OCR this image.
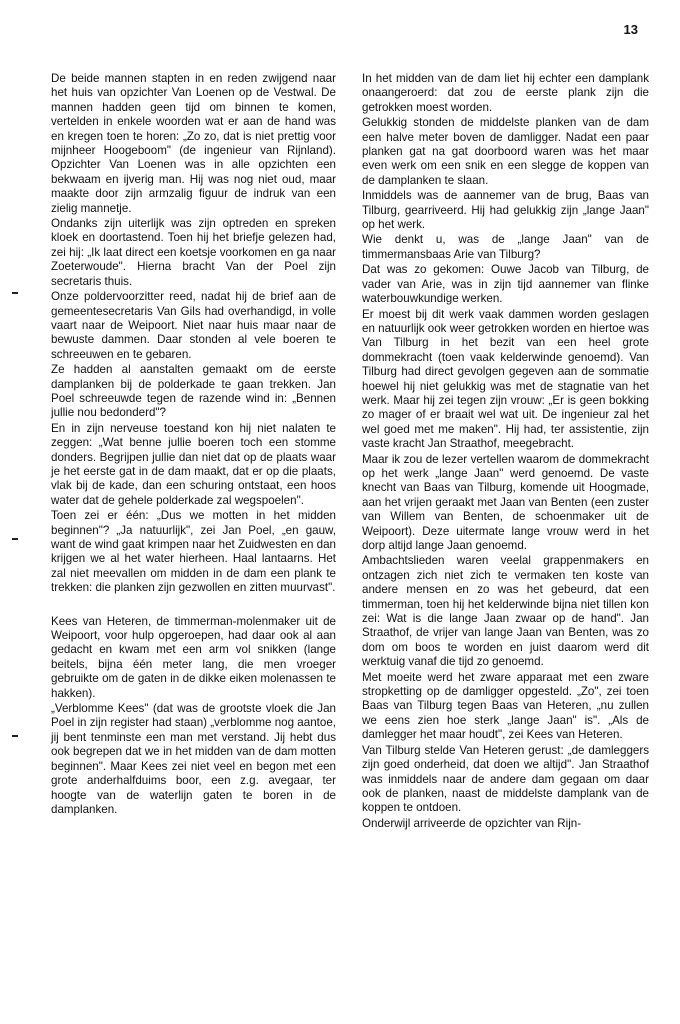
13

De beide mannen stapten in en reden zwijgend naar het huis van opzichter Van Loenen op de Vestwal. De mannen hadden geen tijd om binnen te komen, vertelden in enkele woorden wat er aan de hand was en kregen toen te horen: „Zo zo, dat is niet prettig voor mijnheer Hoogeboom" (de ingenieur van Rijnland). Opzichter Van Loenen was in alle opzichten een bekwaam en ijverig man. Hij was nog niet oud, maar maakte door zijn armzalig figuur de indruk van een zielig mannetje.

Ondanks zijn uiterlijk was zijn optreden en spreken kloek en doortastend. Toen hij het briefje gelezen had, zei hij: „Ik laat direct een koetsje voorkomen en ga naar Zoeterwoude". Hierna bracht Van der Poel zijn secretaris thuis.

Onze poldervoorzitter reed, nadat hij de brief aan de gemeentesecretaris Van Gils had overhandigd, in volle vaart naar de Weipoort. Niet naar huis maar naar de bewuste dammen. Daar stonden al vele boeren te schreeuwen en te gebaren.

Ze hadden al aanstalten gemaakt om de eerste damplanken bij de polderkade te gaan trekken. Jan Poel schreeuwde tegen de razende wind in: „Bennen jullie nou bedonderd"?

En in zijn nerveuse toestand kon hij niet nalaten te zeggen: „Wat benne jullie boeren toch een stomme donders. Begrijpen jullie dan niet dat op de plaats waar je het eerste gat in de dam maakt, dat er op die plaats, vlak bij de kade, dan een schuring ontstaat, een hoos water dat de gehele polderkade zal wegspoelen".

Toen zei er één: „Dus we motten in het midden beginnen"? „Ja natuurlijk", zei Jan Poel, „en gauw, want de wind gaat krimpen naar het Zuidwesten en dan krijgen we al het water hierheen. Haal lantaarns. Het zal niet meevallen om midden in de dam een plank te trekken: die planken zijn gezwollen en zitten muurvast".

Kees van Heteren, de timmerman-molenmaker uit de Weipoort, voor hulp opgeroepen, had daar ook al aan gedacht en kwam met een arm vol snikken (lange beitels, bijna één meter lang, die men vroeger gebruikte om de gaten in de dikke eiken molenassen te hakken).

„Verblomme Kees" (dat was de grootste vloek die Jan Poel in zijn register had staan) „verblomme nog aantoe, jij bent tenminste een man met verstand. Jij hebt dus ook begrepen dat we in het midden van de dam motten beginnen". Maar Kees zei niet veel en begon met een grote anderhalfduims boor, een z.g. avegaar, ter hoogte van de waterlijn gaten te boren in de damplanken.

In het midden van de dam liet hij echter een damplank onaangeroerd: dat zou de eerste plank zijn die getrokken moest worden.

Gelukkig stonden de middelste planken van de dam een halve meter boven de damligger. Nadat een paar planken gat na gat doorboord waren was het maar even werk om een snik en een slegge de koppen van de damplanken te slaan.

Inmiddels was de aannemer van de brug, Baas van Tilburg, gearriveerd. Hij had gelukkig zijn „lange Jaan" op het werk.

Wie denkt u, was de „lange Jaan" van de timmermansbaas Arie van Tilburg?

Dat was zo gekomen: Ouwe Jacob van Tilburg, de vader van Arie, was in zijn tijd aannemer van flinke waterbouwkundige werken.

Er moest bij dit werk vaak dammen worden geslagen en natuurlijk ook weer getrokken worden en hiertoe was Van Tilburg in het bezit van een heel grote dommekracht (toen vaak kelderwinde genoemd). Van Tilburg had direct gevolgen gegeven aan de sommatie hoewel hij niet gelukkig was met de stagnatie van het werk. Maar hij zei tegen zijn vrouw: „Er is geen bokking zo mager of er braait wel wat uit. De ingenieur zal het wel goed met me maken". Hij had, ter assistentie, zijn vaste kracht Jan Straathof, meegebracht.

Maar ik zou de lezer vertellen waarom de dommekracht op het werk „lange Jaan" werd genoemd. De vaste knecht van Baas van Tilburg, komende uit Hoogmade, aan het vrijen geraakt met Jaan van Benten (een zuster van Willem van Benten, de schoenmaker uit de Weipoort). Deze uitermate lange vrouw werd in het dorp altijd lange Jaan genoemd.

Ambachtslieden waren veelal grappenmakers en ontzagen zich niet zich te vermaken ten koste van andere mensen en zo was het gebeurd, dat een timmerman, toen hij het kelderwinde bijna niet tillen kon zei: Wat is die lange Jaan zwaar op de hand". Jan Straathof, de vrijer van lange Jaan van Benten, was zo dom om boos te worden en juist daarom werd dit werktuig vanaf die tijd zo genoemd.

Met moeite werd het zware apparaat met een zware stropketting op de damligger opgesteld. „Zo", zei toen Baas van Tilburg tegen Baas van Heteren, „nu zullen we eens zien hoe sterk „lange Jaan" is". „Als de damlegger het maar houdt", zei Kees van Heteren.

Van Tilburg stelde Van Heteren gerust: „de damleggers zijn goed onderheid, dat doen we altijd". Jan Straathof was inmiddels naar de andere dam gegaan om daar ook de planken, naast de middelste damplank van de koppen te ontdoen.

Onderwijl arriveerde de opzichter van Rijn-
